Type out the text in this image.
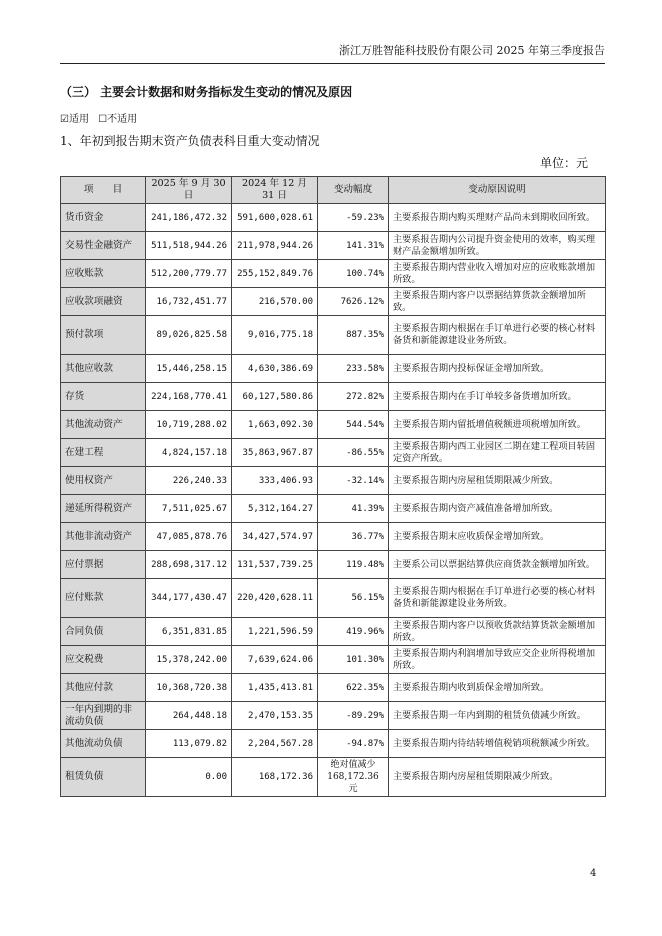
浙江万胜智能科技股份有限公司 2025 年第三季度报告
（三） 主要会计数据和财务指标发生变动的情况及原因
☑适用 ☐不适用
1、年初到报告期末资产负债表科目重大变动情况
单位：元
项　　目	2025 年 9 月 30 日	2024 年 12 月 31 日	变动幅度	变动原因说明
货币资金	241,186,472.32	591,600,028.61	-59.23%	主要系报告期内购买理财产品尚未到期收回所致。
交易性金融资产	511,518,944.26	211,978,944.26	141.31%	主要系报告期内公司提升资金使用的效率，购买理财产品金额增加所致。
应收账款	512,200,779.77	255,152,849.76	100.74%	主要系报告期内营业收入增加对应的应收账款增加所致。
应收款项融资	16,732,451.77	216,570.00	7626.12%	主要系报告期内客户以票据结算货款金额增加所致。
预付款项	89,026,825.58	9,016,775.18	887.35%	主要系报告期内根据在手订单进行必要的核心材料备货和新能源建设业务所致。
其他应收款	15,446,258.15	4,630,386.69	233.58%	主要系报告期内投标保证金增加所致。
存货	224,168,770.41	60,127,580.86	272.82%	主要系报告期内在手订单较多备货增加所致。
其他流动资产	10,719,288.02	1,663,092.30	544.54%	主要系报告期内留抵增值税额进项税增加所致。
在建工程	4,824,157.18	35,863,967.87	-86.55%	主要系报告期内西工业园区二期在建工程项目转固定资产所致。
使用权资产	226,240.33	333,406.93	-32.14%	主要系报告期内房屋租赁期限减少所致。
递延所得税资产	7,511,025.67	5,312,164.27	41.39%	主要系报告期内资产减值准备增加所致。
其他非流动资产	47,085,878.76	34,427,574.97	36.77%	主要系报告期末应收质保金增加所致。
应付票据	288,698,317.12	131,537,739.25	119.48%	主要系公司以票据结算供应商货款金额增加所致。
应付账款	344,177,430.47	220,420,628.11	56.15%	主要系报告期内根据在手订单进行必要的核心材料备货和新能源建设业务所致。
合同负债	6,351,831.85	1,221,596.59	419.96%	主要系报告期内客户以预收货款结算货款金额增加所致。
应交税费	15,378,242.00	7,639,624.06	101.30%	主要系报告期内利润增加导致应交企业所得税增加所致。
其他应付款	10,368,720.38	1,435,413.81	622.35%	主要系报告期内收到质保金增加所致。
一年内到期的非流动负债	264,448.18	2,470,153.35	-89.29%	主要系报告期一年内到期的租赁负债减少所致。
其他流动负债	113,079.82	2,204,567.28	-94.87%	主要系报告期内待结转增值税销项税额减少所致。
租赁负债	0.00	168,172.36	绝对值减少 168,172.36 元	主要系报告期内房屋租赁期限减少所致。
4
